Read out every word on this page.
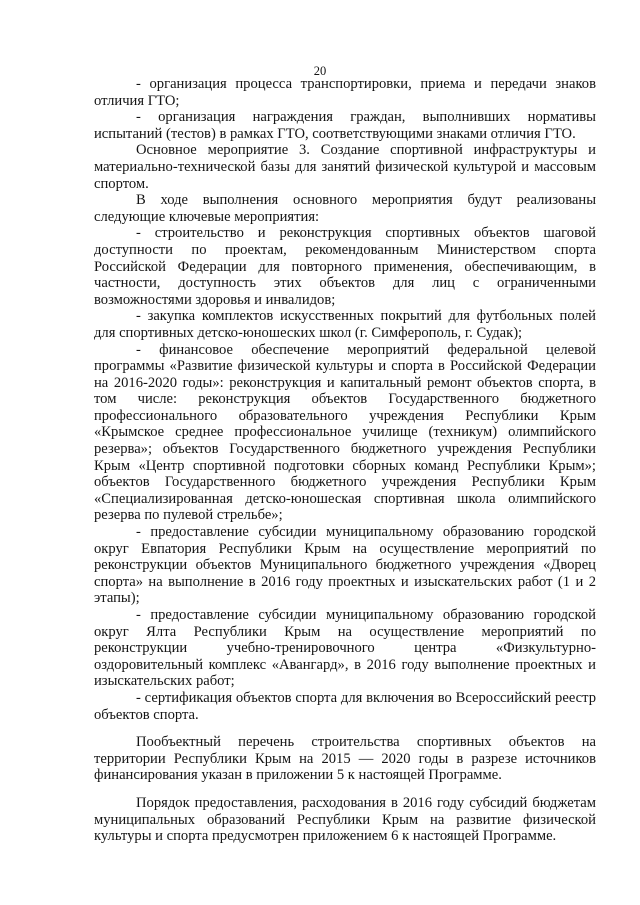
20

- организация процесса транспортировки, приема и передачи знаков отличия ГТО;

- организация награждения граждан, выполнивших нормативы испытаний (тестов) в рамках ГТО, соответствующими знаками отличия ГТО.

Основное мероприятие 3. Создание спортивной инфраструктуры и материально-технической базы для занятий физической культурой и массовым спортом.

В ходе выполнения основного мероприятия будут реализованы следующие ключевые мероприятия:

- строительство и реконструкция спортивных объектов шаговой доступности по проектам, рекомендованным Министерством спорта Российской Федерации для повторного применения, обеспечивающим, в частности, доступность этих объектов для лиц с ограниченными возможностями здоровья и инвалидов;

- закупка комплектов искусственных покрытий для футбольных полей для спортивных детско-юношеских школ (г. Симферополь, г. Судак);

- финансовое обеспечение мероприятий федеральной целевой программы «Развитие физической культуры и спорта в Российской Федерации на 2016-2020 годы»: реконструкция и капитальный ремонт объектов спорта, в том числе: реконструкция объектов Государственного бюджетного профессионального образовательного учреждения Республики Крым «Крымское среднее профессиональное училище (техникум) олимпийского резерва»; объектов Государственного бюджетного учреждения Республики Крым «Центр спортивной подготовки сборных команд Республики Крым»; объектов Государственного бюджетного учреждения Республики Крым «Специализированная детско-юношеская спортивная школа олимпийского резерва по пулевой стрельбе»;

- предоставление субсидии муниципальному образованию городской округ Евпатория Республики Крым на осуществление мероприятий по реконструкции объектов Муниципального бюджетного учреждения «Дворец спорта» на выполнение в 2016 году проектных и изыскательских работ (1 и 2 этапы);

- предоставление субсидии муниципальному образованию городской округ Ялта Республики Крым на осуществление мероприятий по реконструкции учебно-тренировочного центра «Физкультурно-оздоровительный комплекс «Авангард», в 2016 году выполнение проектных и изыскательских работ;

- сертификация объектов спорта для включения во Всероссийский реестр объектов спорта.

Пообъектный перечень строительства спортивных объектов на территории Республики Крым на 2015 — 2020 годы в разрезе источников финансирования указан в приложении 5 к настоящей Программе.

Порядок предоставления, расходования в 2016 году субсидий бюджетам муниципальных образований Республики Крым на развитие физической культуры и спорта предусмотрен приложением 6 к настоящей Программе.
